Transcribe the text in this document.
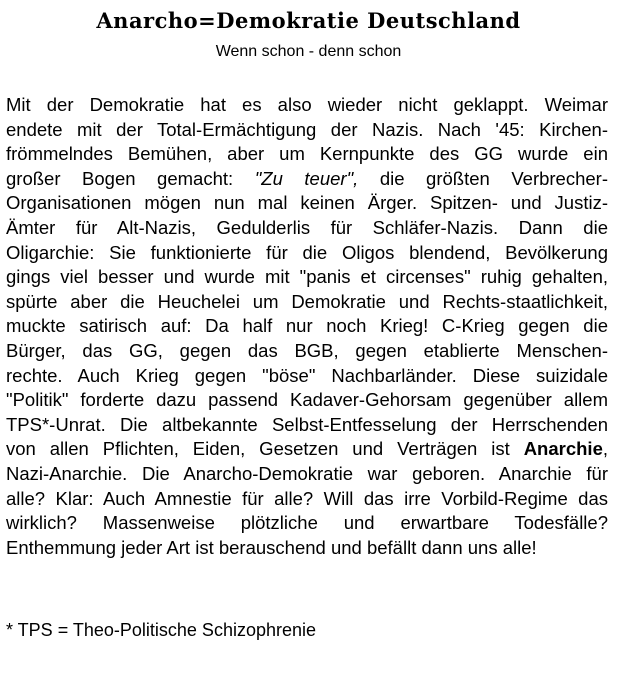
Anarcho=Demokratie Deutschland
Wenn schon - denn schon
Mit der Demokratie hat es also wieder nicht geklappt. Weimar
endete mit der Total-Ermächtigung der Nazis. Nach '45: Kirchen-
frömmelndes Bemühen, aber um Kernpunkte des GG wurde ein
großer Bogen gemacht: "Zu teuer", die größten Verbrecher-
Organisationen mögen nun mal keinen Ärger. Spitzen- und Justiz-
Ämter für Alt-Nazis, Gedulderlis für Schläfer-Nazis. Dann die
Oligarchie: Sie funktionierte für die Oligos blendend, Bevölkerung
gings viel besser und wurde mit "panis et circenses" ruhig gehalten,
spürte aber die Heuchelei um Demokratie und Rechts-staatlichkeit,
muckte satirisch auf: Da half nur noch Krieg! C-Krieg gegen die
Bürger, das GG, gegen das BGB, gegen etablierte Menschen-
rechte. Auch Krieg gegen "böse" Nachbarländer. Diese suizidale
"Politik" forderte dazu passend Kadaver-Gehorsam gegenüber allem
TPS*-Unrat. Die altbekannte Selbst-Entfesselung der Herrschenden
von allen Pflichten, Eiden, Gesetzen und Verträgen ist Anarchie,
Nazi-Anarchie. Die Anarcho-Demokratie war geboren. Anarchie für
alle? Klar: Auch Amnestie für alle? Will das irre Vorbild-Regime das
wirklich? Massenweise plötzliche und erwartbare Todesfälle?
Enthemmung jeder Art ist berauschend und befällt dann uns alle!
* TPS = Theo-Politische Schizophrenie
